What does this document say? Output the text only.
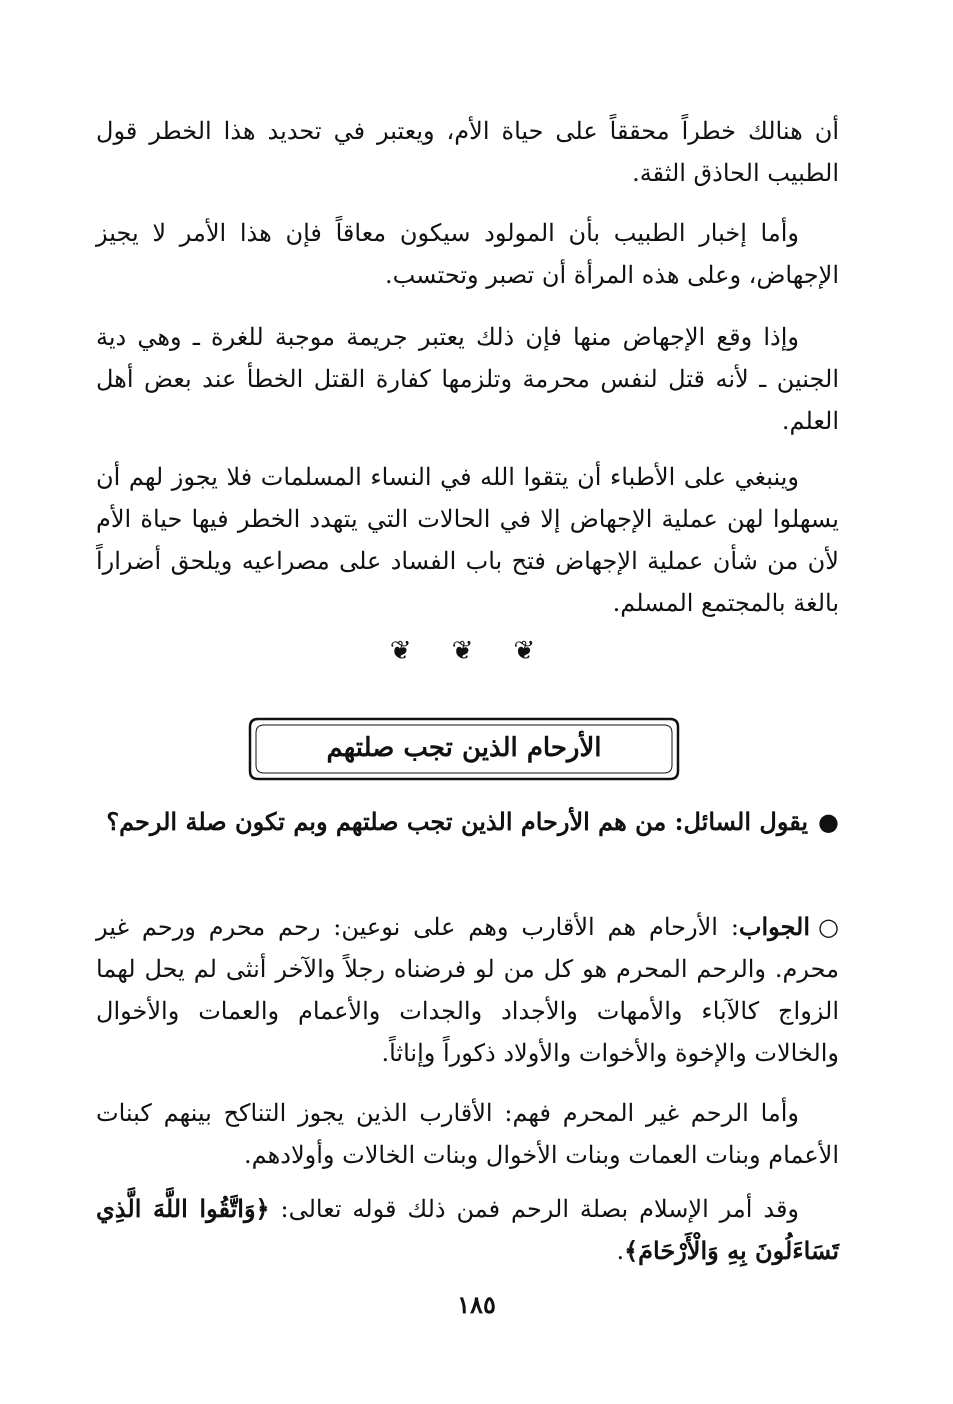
أن هنالك خطراً محققاً على حياة الأم، ويعتبر في تحديد هذا الخطر قول الطبيب الحاذق الثقة.
وأما إخبار الطبيب بأن المولود سيكون معاقاً فإن هذا الأمر لا يجيز الإجهاض، وعلى هذه المرأة أن تصبر وتحتسب.
وإذا وقع الإجهاض منها فإن ذلك يعتبر جريمة موجبة للغرة ـ وهي دية الجنين ـ لأنه قتل لنفس محرمة وتلزمها كفارة القتل الخطأ عند بعض أهل العلم.
وينبغي على الأطباء أن يتقوا الله في النساء المسلمات فلا يجوز لهم أن يسهلوا لهن عملية الإجهاض إلا في الحالات التي يتهدد الخطر فيها حياة الأم لأن من شأن عملية الإجهاض فتح باب الفساد على مصراعيه ويلحق أضراراً بالغة بالمجتمع المسلم.
❦ ❦ ❦
الأرحام الذين تجب صلتهم
●يقول السائل: من هم الأرحام الذين تجب صلتهم وبم تكون صلة الرحم؟
○الجواب: الأرحام هم الأقارب وهم على نوعين: رحم محرم ورحم غير محرم. والرحم المحرم هو كل من لو فرضناه رجلاً والآخر أنثى لم يحل لهما الزواج كالآباء والأمهات والأجداد والجدات والأعمام والعمات والأخوال والخالات والإخوة والأخوات والأولاد ذكوراً وإناثاً.
وأما الرحم غير المحرم فهم: الأقارب الذين يجوز التناكح بينهم كبنات الأعمام وبنات العمات وبنات الأخوال وبنات الخالات وأولادهم.
وقد أمر الإسلام بصلة الرحم فمن ذلك قوله تعالى: ﴿وَاتَّقُوا اللَّهَ الَّذِي تَسَاءَلُونَ بِهِ وَالْأَرْحَامَ﴾.
١٨٥
